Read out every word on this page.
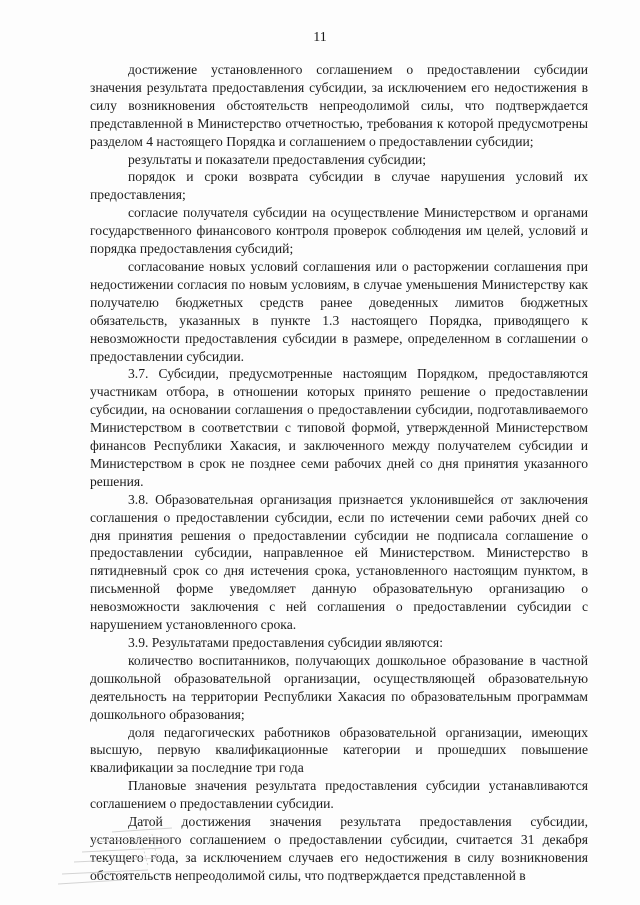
11

достижение установленного соглашением о предоставлении субсидии значения результата предоставления субсидии, за исключением его недостижения в силу возникновения обстоятельств непреодолимой силы, что подтверждается представленной в Министерство отчетностью, требования к которой предусмотрены разделом 4 настоящего Порядка и соглашением о предоставлении субсидии;

результаты и показатели предоставления субсидии;

порядок и сроки возврата субсидии в случае нарушения условий их предоставления;

согласие получателя субсидии на осуществление Министерством и органами государственного финансового контроля проверок соблюдения им целей, условий и порядка предоставления субсидий;

согласование новых условий соглашения или о расторжении соглашения при недостижении согласия по новым условиям, в случае уменьшения Министерству как получателю бюджетных средств ранее доведенных лимитов бюджетных обязательств, указанных в пункте 1.3 настоящего Порядка, приводящего к невозможности предоставления субсидии в размере, определенном в соглашении о предоставлении субсидии.

3.7. Субсидии, предусмотренные настоящим Порядком, предоставляются участникам отбора, в отношении которых принято решение о предоставлении субсидии, на основании соглашения о предоставлении субсидии, подготавливаемого Министерством в соответствии с типовой формой, утвержденной Министерством финансов Республики Хакасия, и заключенного между получателем субсидии и Министерством в срок не позднее семи рабочих дней со дня принятия указанного решения.

3.8. Образовательная организация признается уклонившейся от заключения соглашения о предоставлении субсидии, если по истечении семи рабочих дней со дня принятия решения о предоставлении субсидии не подписала соглашение о предоставлении субсидии, направленное ей Министерством. Министерство в пятидневный срок со дня истечения срока, установленного настоящим пунктом, в письменной форме уведомляет данную образовательную организацию о невозможности заключения с ней соглашения о предоставлении субсидии с нарушением установленного срока.

3.9. Результатами предоставления субсидии являются:

количество воспитанников, получающих дошкольное образование в частной дошкольной образовательной организации, осуществляющей образовательную деятельность на территории Республики Хакасия по образовательным программам дошкольного образования;

доля педагогических работников образовательной организации, имеющих высшую, первую квалификационные категории и прошедших повышение квалификации за последние три года

Плановые значения результата предоставления субсидии устанавливаются соглашением о предоставлении субсидии.

Датой достижения значения результата предоставления субсидии, установленного соглашением о предоставлении субсидии, считается 31 декабря текущего года, за исключением случаев его недостижения в силу возникновения обстоятельств непреодолимой силы, что подтверждается представленной в
